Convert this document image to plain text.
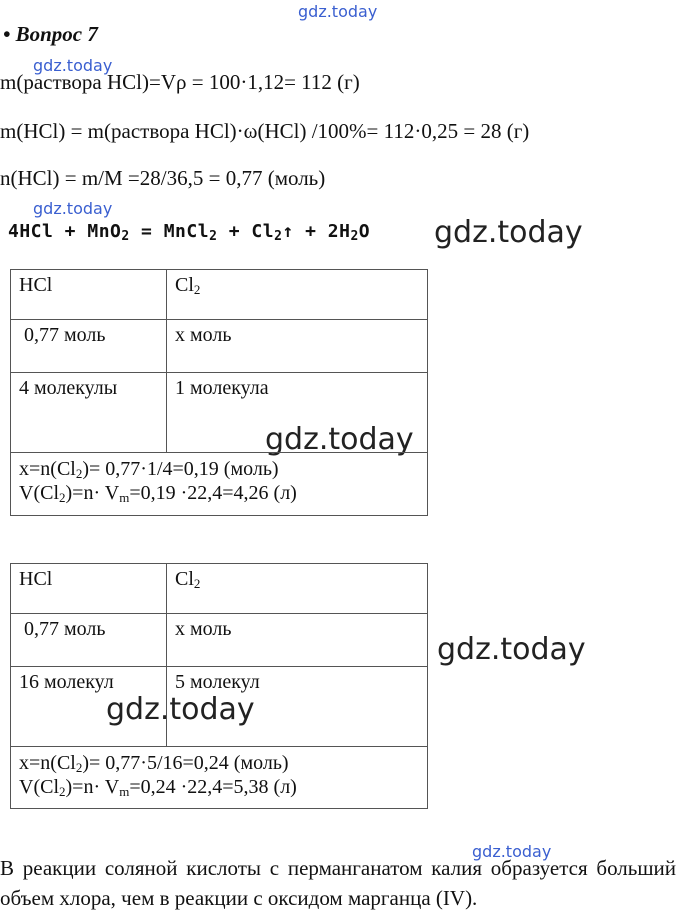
gdz.today
gdz.today
gdz.today
gdz.today
gdz.today
gdz.today
gdz.today
gdz.today
• Вопрос 7
m(раствора HCl)=Vρ = 100·1,12= 112 (г)
m(HCl) = m(раствора HCl)·ω(HCl) /100%= 112·0,25 = 28 (г)
n(HCl) = m/M =28/36,5 = 0,77 (моль)
4HCl + MnO$_2$ = MnCl$_2$ + $Cl_2↑ + 2H_2O$
HCl	$Cl_2$
0,77 моль	x моль
4 молекулы	1 молекула

$x=n(Cl_2)= 0,77\cdot 1/4=0,19$ (моль)
$V(Cl_2)=n\cdot V_m=0,19 \cdot 22,4=4,26$ (л)	
HCl	$Cl_2$
0,77 моль	x моль
16 молекул	5 молекул

$x=n(Cl_2)= 0,77\cdot 5/16=0,24$ (моль)
$V(Cl_2)=n\cdot V_m=0,24 \cdot 22,4=5,38$ (л)	
В реакции соляной кислоты с перманганатом калия образуется больший объем хлора, чем в реакции с оксидом марганца (IV).
